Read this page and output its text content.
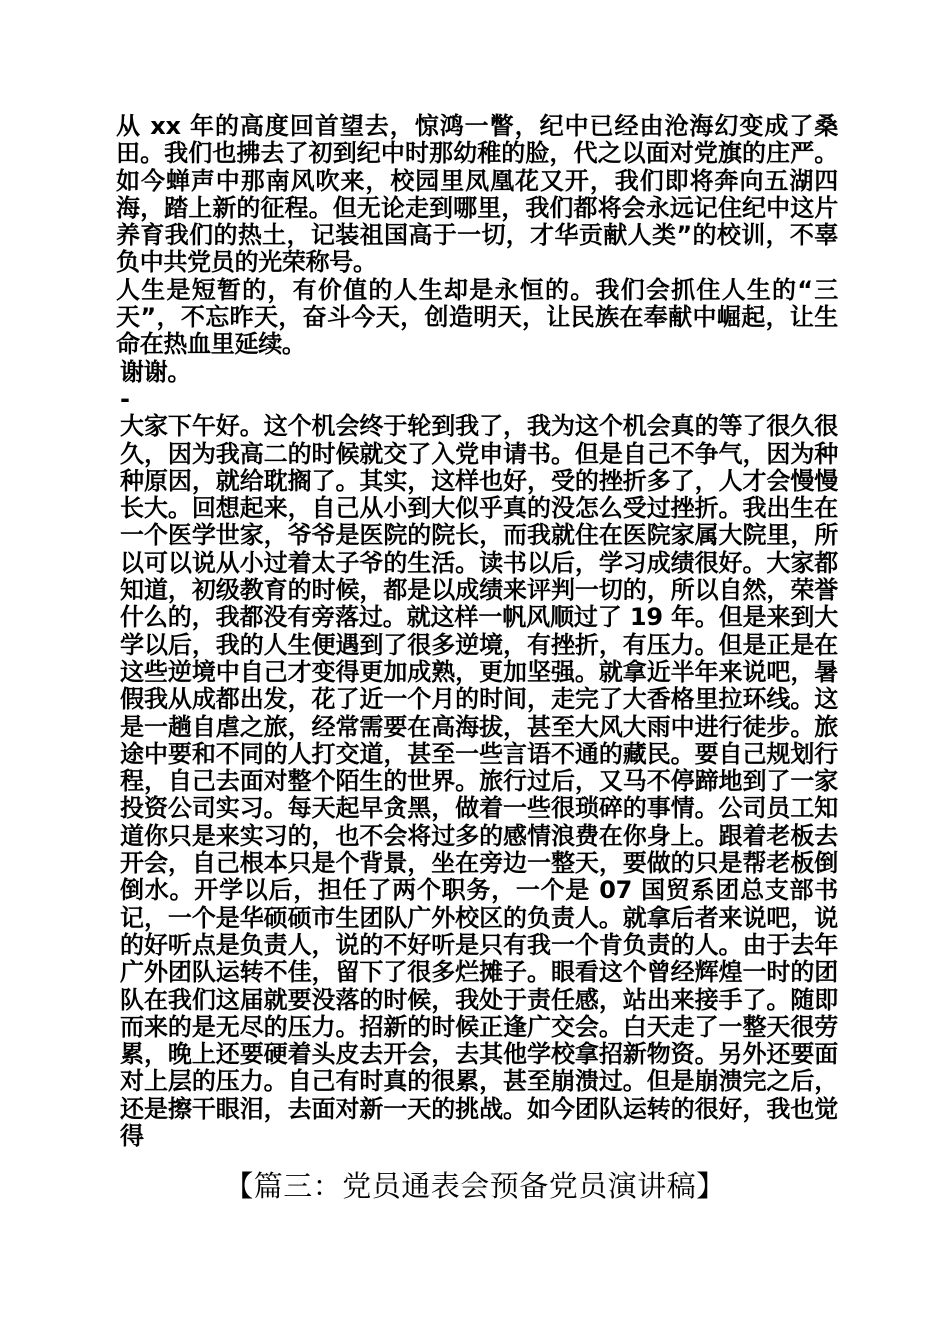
从 xx 年的高度回首望去，惊鸿一瞥，纪中已经由沧海幻变成了桑田。我们也拂去了初到纪中时那幼稚的脸，代之以面对党旗的庄严。如今蝉声中那南风吹来，校园里凤凰花又开，我们即将奔向五湖四海，踏上新的征程。但无论走到哪里，我们都将会永远记住纪中这片养育我们的热土，记装祖国高于一切，才华贡献人类”的校训，不辜负中共党员的光荣称号。

人生是短暂的，有价值的人生却是永恒的。我们会抓住人生的“三天”，不忘昨天，奋斗今天，创造明天，让民族在奉献中崛起，让生命在热血里延续。

谢谢。

-

大家下午好。这个机会终于轮到我了，我为这个机会真的等了很久很久，因为我高二的时候就交了入党申请书。但是自己不争气，因为种种原因，就给耽搁了。其实，这样也好，受的挫折多了，人才会慢慢长大。回想起来，自己从小到大似乎真的没怎么受过挫折。我出生在一个医学世家，爷爷是医院的院长，而我就住在医院家属大院里，所以可以说从小过着太子爷的生活。读书以后，学习成绩很好。大家都知道，初级教育的时候，都是以成绩来评判一切的，所以自然，荣誉什么的，我都没有旁落过。就这样一帆风顺过了 19 年。但是来到大学以后，我的人生便遇到了很多逆境，有挫折，有压力。但是正是在这些逆境中自己才变得更加成熟，更加坚强。就拿近半年来说吧，暑假我从成都出发，花了近一个月的时间，走完了大香格里拉环线。这是一趟自虐之旅，经常需要在高海拔，甚至大风大雨中进行徒步。旅途中要和不同的人打交道，甚至一些言语不通的藏民。要自己规划行程，自己去面对整个陌生的世界。旅行过后，又马不停蹄地到了一家投资公司实习。每天起早贪黑，做着一些很琐碎的事情。公司员工知道你只是来实习的，也不会将过多的感情浪费在你身上。跟着老板去开会，自己根本只是个背景，坐在旁边一整天，要做的只是帮老板倒倒水。开学以后，担任了两个职务，一个是 07 国贸系团总支部书记，一个是华硕硕市生团队广外校区的负责人。就拿后者来说吧，说的好听点是负责人，说的不好听是只有我一个肯负责的人。由于去年广外团队运转不佳，留下了很多烂摊子。眼看这个曾经辉煌一时的团队在我们这届就要没落的时候，我处于责任感，站出来接手了。随即而来的是无尽的压力。招新的时候正逢广交会。白天走了一整天很劳累，晚上还要硬着头皮去开会，去其他学校拿招新物资。另外还要面对上层的压力。自己有时真的很累，甚至崩溃过。但是崩溃完之后，还是擦干眼泪，去面对新一天的挑战。如今团队运转的很好，我也觉得

【篇三：党员通表会预备党员演讲稿】
